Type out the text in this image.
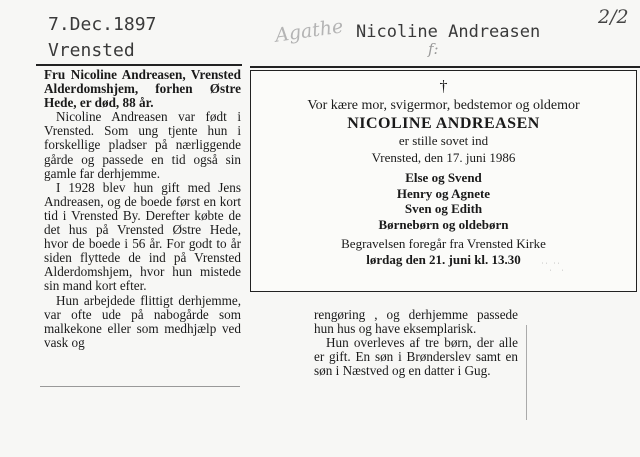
7.Dec.1897
Vrensted
Agathe Nicoline Andreasen
f:
2/2

Fru Nicoline Andreasen, Vrensted Alderdomshjem, forhen Østre Hede, er død, 88 år.

Nicoline Andreasen var født i Vrensted. Som ung tjente hun i forskellige pladser på nærliggende gårde og passede en tid også sin gamle far derhjemme.

I 1928 blev hun gift med Jens Andreasen, og de boede først en kort tid i Vrensted By. Derefter købte de det hus på Vrensted Østre Hede, hvor de boede i 56 år. For godt to år siden flyttede de ind på Vrensted Alderdomshjem, hvor hun mistede sin mand kort efter.

Hun arbejdede flittigt derhjemme, var ofte ude på nabogårde som malkekone eller som medhjælp ved vask og

†
Vor kære mor, svigermor, bedstemor og oldemor
NICOLINE ANDREASEN
er stille sovet ind
Vrensted, den 17. juni 1986
Else og Svend
Henry og Agnete
Sven og Edith
Børnebørn og oldebørn
Begravelsen foregår fra Vrensted Kirke
lørdag den 21. juni kl. 13.30	˙ˈˌ˙ˈˌ

rengøring , og derhjemme passede hun hus og have eksemplarisk.

Hun overleves af tre børn, der alle er gift. En søn i Brønderslev samt en søn i Næstved og en datter i Gug.
